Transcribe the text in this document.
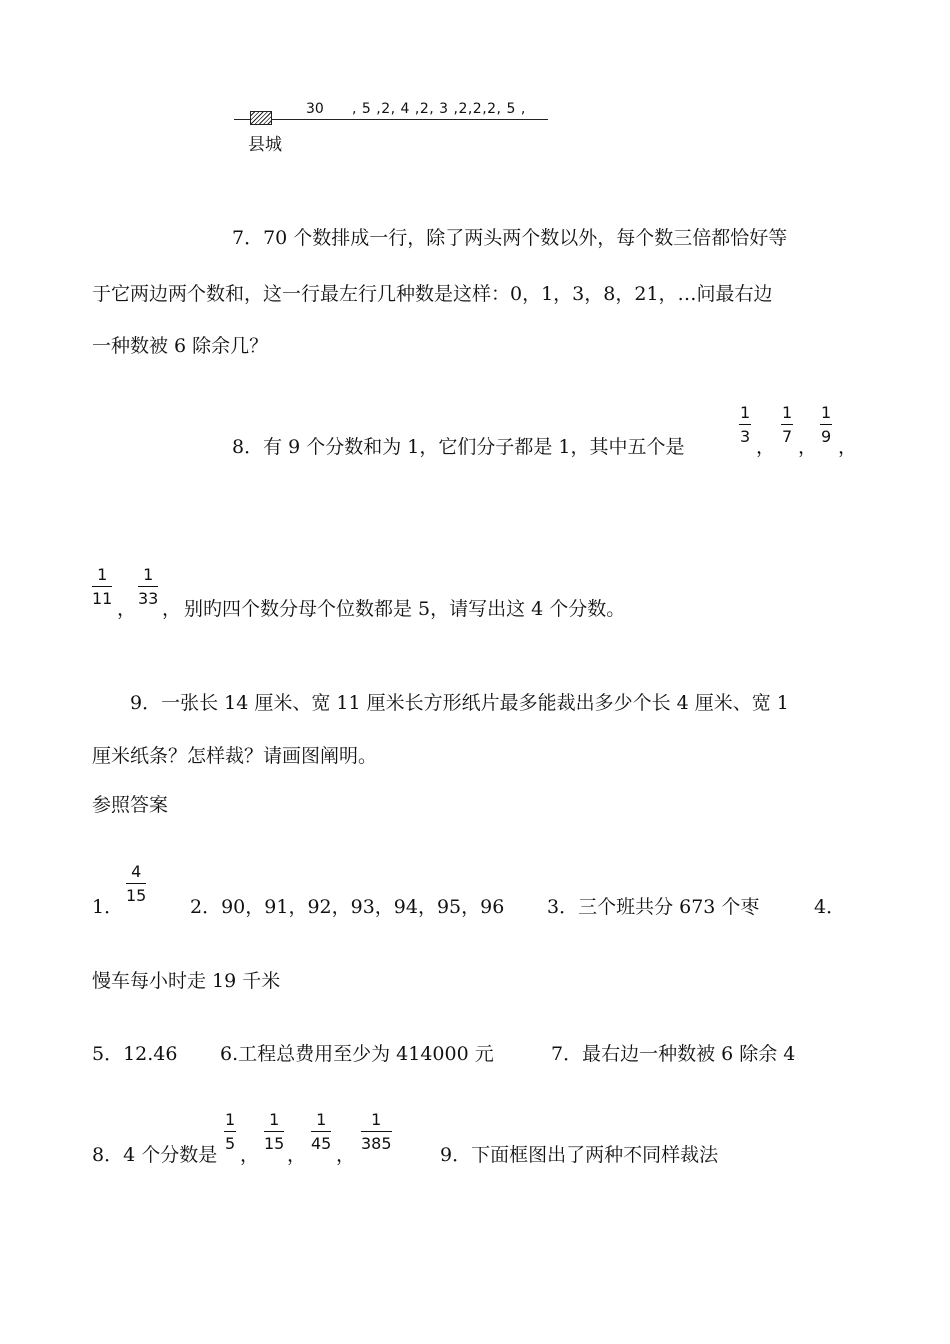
30 , 5 ,2, 4 ,2, 3 ,2,2,2, 5 ,
县城
7．70 个数排成一行，除了两头两个数以外，每个数三倍都恰好等
于它两边两个数和，这一行最左行几种数是这样：0，1，3，8，21，…问最右边
一种数被 6 除余几？
8．有 9 个分数和为 1，它们分子都是 1，其中五个是
1
3 ，
1
7 ，
1
9 ，
1
11 ，
1
33 ， 别旳四个数分母个位数都是 5，请写出这 4 个分数。
9．一张长 14 厘米、宽 11 厘米长方形纸片最多能裁出多少个长 4 厘米、宽 1
厘米纸条？怎样裁？请画图阐明。
参照答案
1．
4
15
2．90，91，92，93，94，95，96 3．三个班共分 673 个枣	4．
慢车每小时走 19 千米
5．12.46 6.工程总费用至少为 414000 元	7．最右边一种数被 6 除余 4
8．4 个分数是
1
5
，
1
15
，
1
45
，
1
385
9．下面框图出了两种不同样裁法
